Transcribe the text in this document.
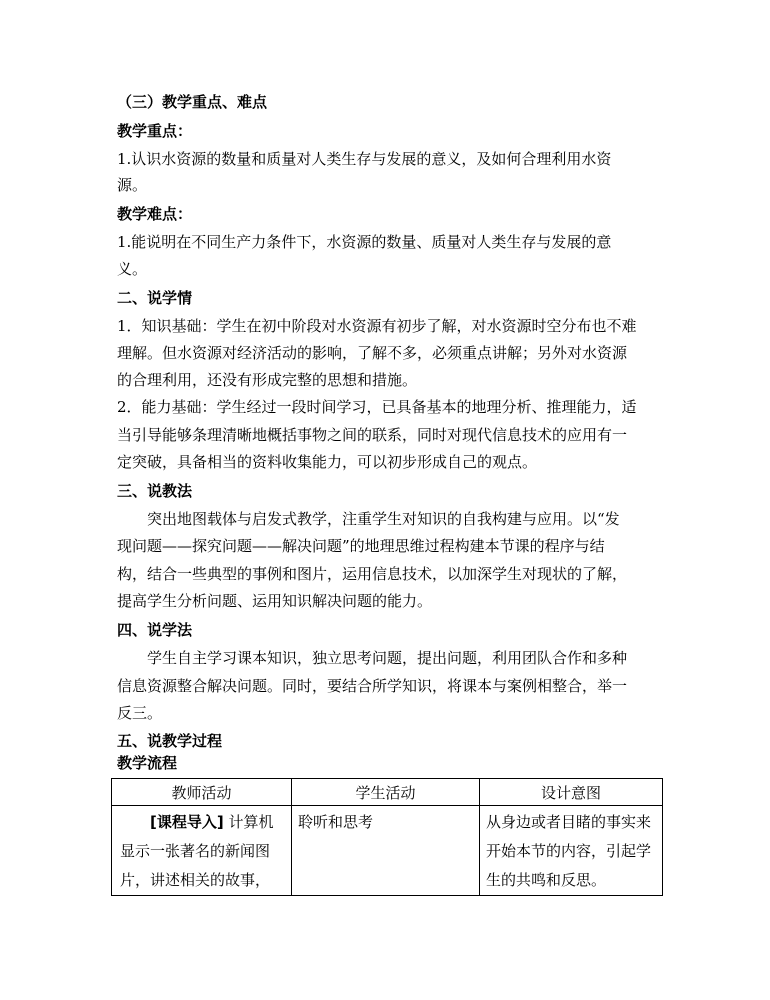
（三）教学重点、难点
教学重点：
1.认识水资源的数量和质量对人类生存与发展的意义，及如何合理利用水资
源。
教学难点：
1.能说明在不同生产力条件下，水资源的数量、质量对人类生存与发展的意
义。
二、说学情
1．知识基础：学生在初中阶段对水资源有初步了解，对水资源时空分布也不难
理解。但水资源对经济活动的影响，了解不多，必须重点讲解；另外对水资源
的合理利用，还没有形成完整的思想和措施。
2．能力基础：学生经过一段时间学习，已具备基本的地理分析、推理能力，适
当引导能够条理清晰地概括事物之间的联系，同时对现代信息技术的应用有一
定突破，具备相当的资料收集能力，可以初步形成自己的观点。
三、说教法
突出地图载体与启发式教学，注重学生对知识的自我构建与应用。以“发
现问题——探究问题——解决问题”的地理思维过程构建本节课的程序与结
构，结合一些典型的事例和图片，运用信息技术，以加深学生对现状的了解，
提高学生分析问题、运用知识解决问题的能力。
四、说学法
学生自主学习课本知识，独立思考问题，提出问题，利用团队合作和多种
信息资源整合解决问题。同时，要结合所学知识，将课本与案例相整合，举一
反三。
五、说教学过程
教学流程
教师活动	学生活动	设计意图

[课程导入] 计算机显示一张著名的新闻图片，讲述相关的故事，	聆听和思考	从身边或者目睹的事实来开始本节的内容，引起学生的共鸣和反思。
